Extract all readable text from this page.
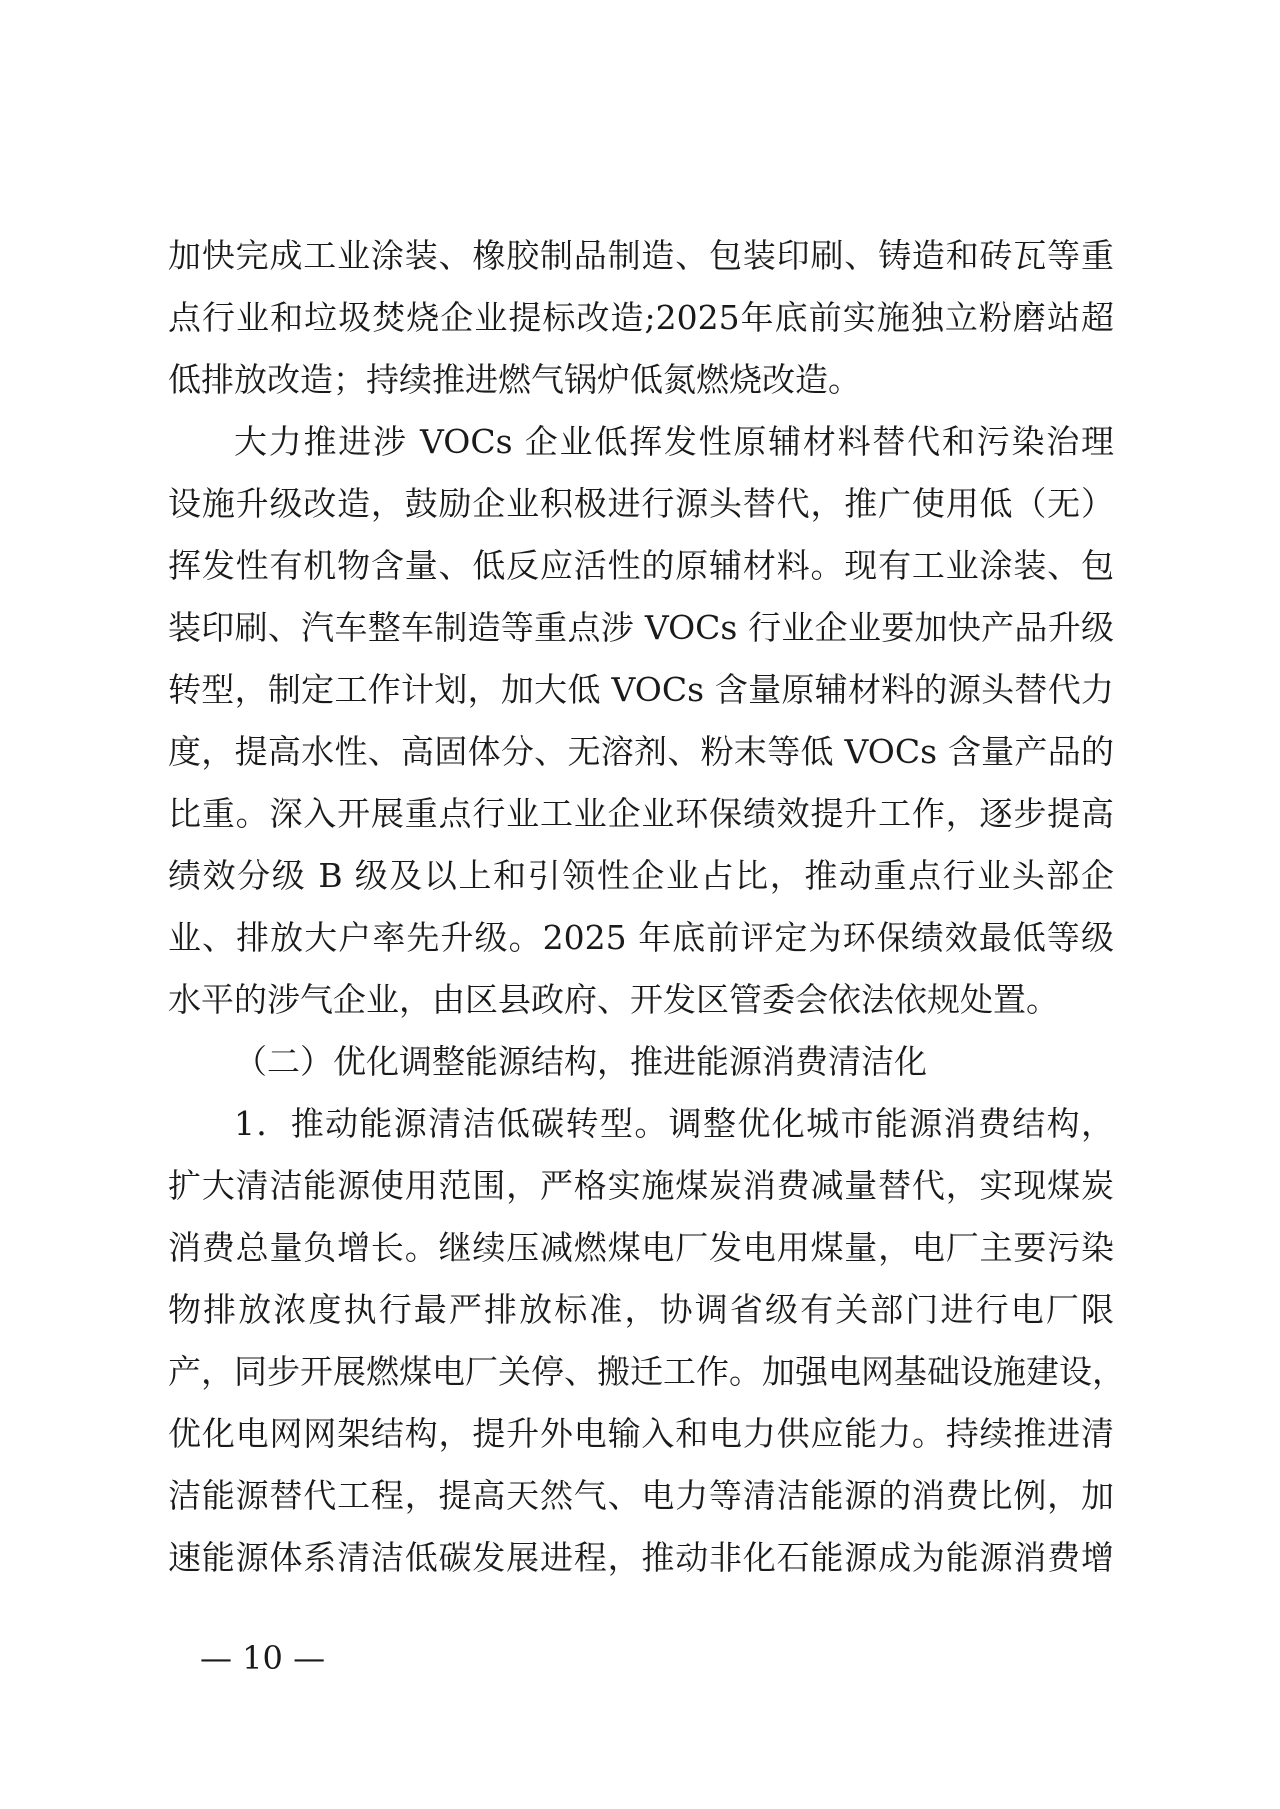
加快完成工业涂装、橡胶制品制造、包装印刷、铸造和砖瓦等重
点行业和垃圾焚烧企业提标改造;2025年底前实施独立粉磨站超
低排放改造；持续推进燃气锅炉低氮燃烧改造。
大力推进涉 VOCs 企业低挥发性原辅材料替代和污染治理
设施升级改造，鼓励企业积极进行源头替代，推广使用低（无）
挥发性有机物含量、低反应活性的原辅材料。现有工业涂装、包
装印刷、汽车整车制造等重点涉 VOCs 行业企业要加快产品升级
转型，制定工作计划，加大低 VOCs 含量原辅材料的源头替代力
度，提高水性、高固体分、无溶剂、粉末等低 VOCs 含量产品的
比重。深入开展重点行业工业企业环保绩效提升工作，逐步提高
绩效分级 B 级及以上和引领性企业占比，推动重点行业头部企
业、排放大户率先升级。2025 年底前评定为环保绩效最低等级
水平的涉气企业，由区县政府、开发区管委会依法依规处置。
（二）优化调整能源结构，推进能源消费清洁化
1．推动能源清洁低碳转型。调整优化城市能源消费结构，
扩大清洁能源使用范围，严格实施煤炭消费减量替代，实现煤炭
消费总量负增长。继续压减燃煤电厂发电用煤量，电厂主要污染
物排放浓度执行最严排放标准，协调省级有关部门进行电厂限
产，同步开展燃煤电厂关停、搬迁工作。加强电网基础设施建设，
优化电网网架结构，提升外电输入和电力供应能力。持续推进清
洁能源替代工程，提高天然气、电力等清洁能源的消费比例，加
速能源体系清洁低碳发展进程，推动非化石能源成为能源消费增
— 10 —
